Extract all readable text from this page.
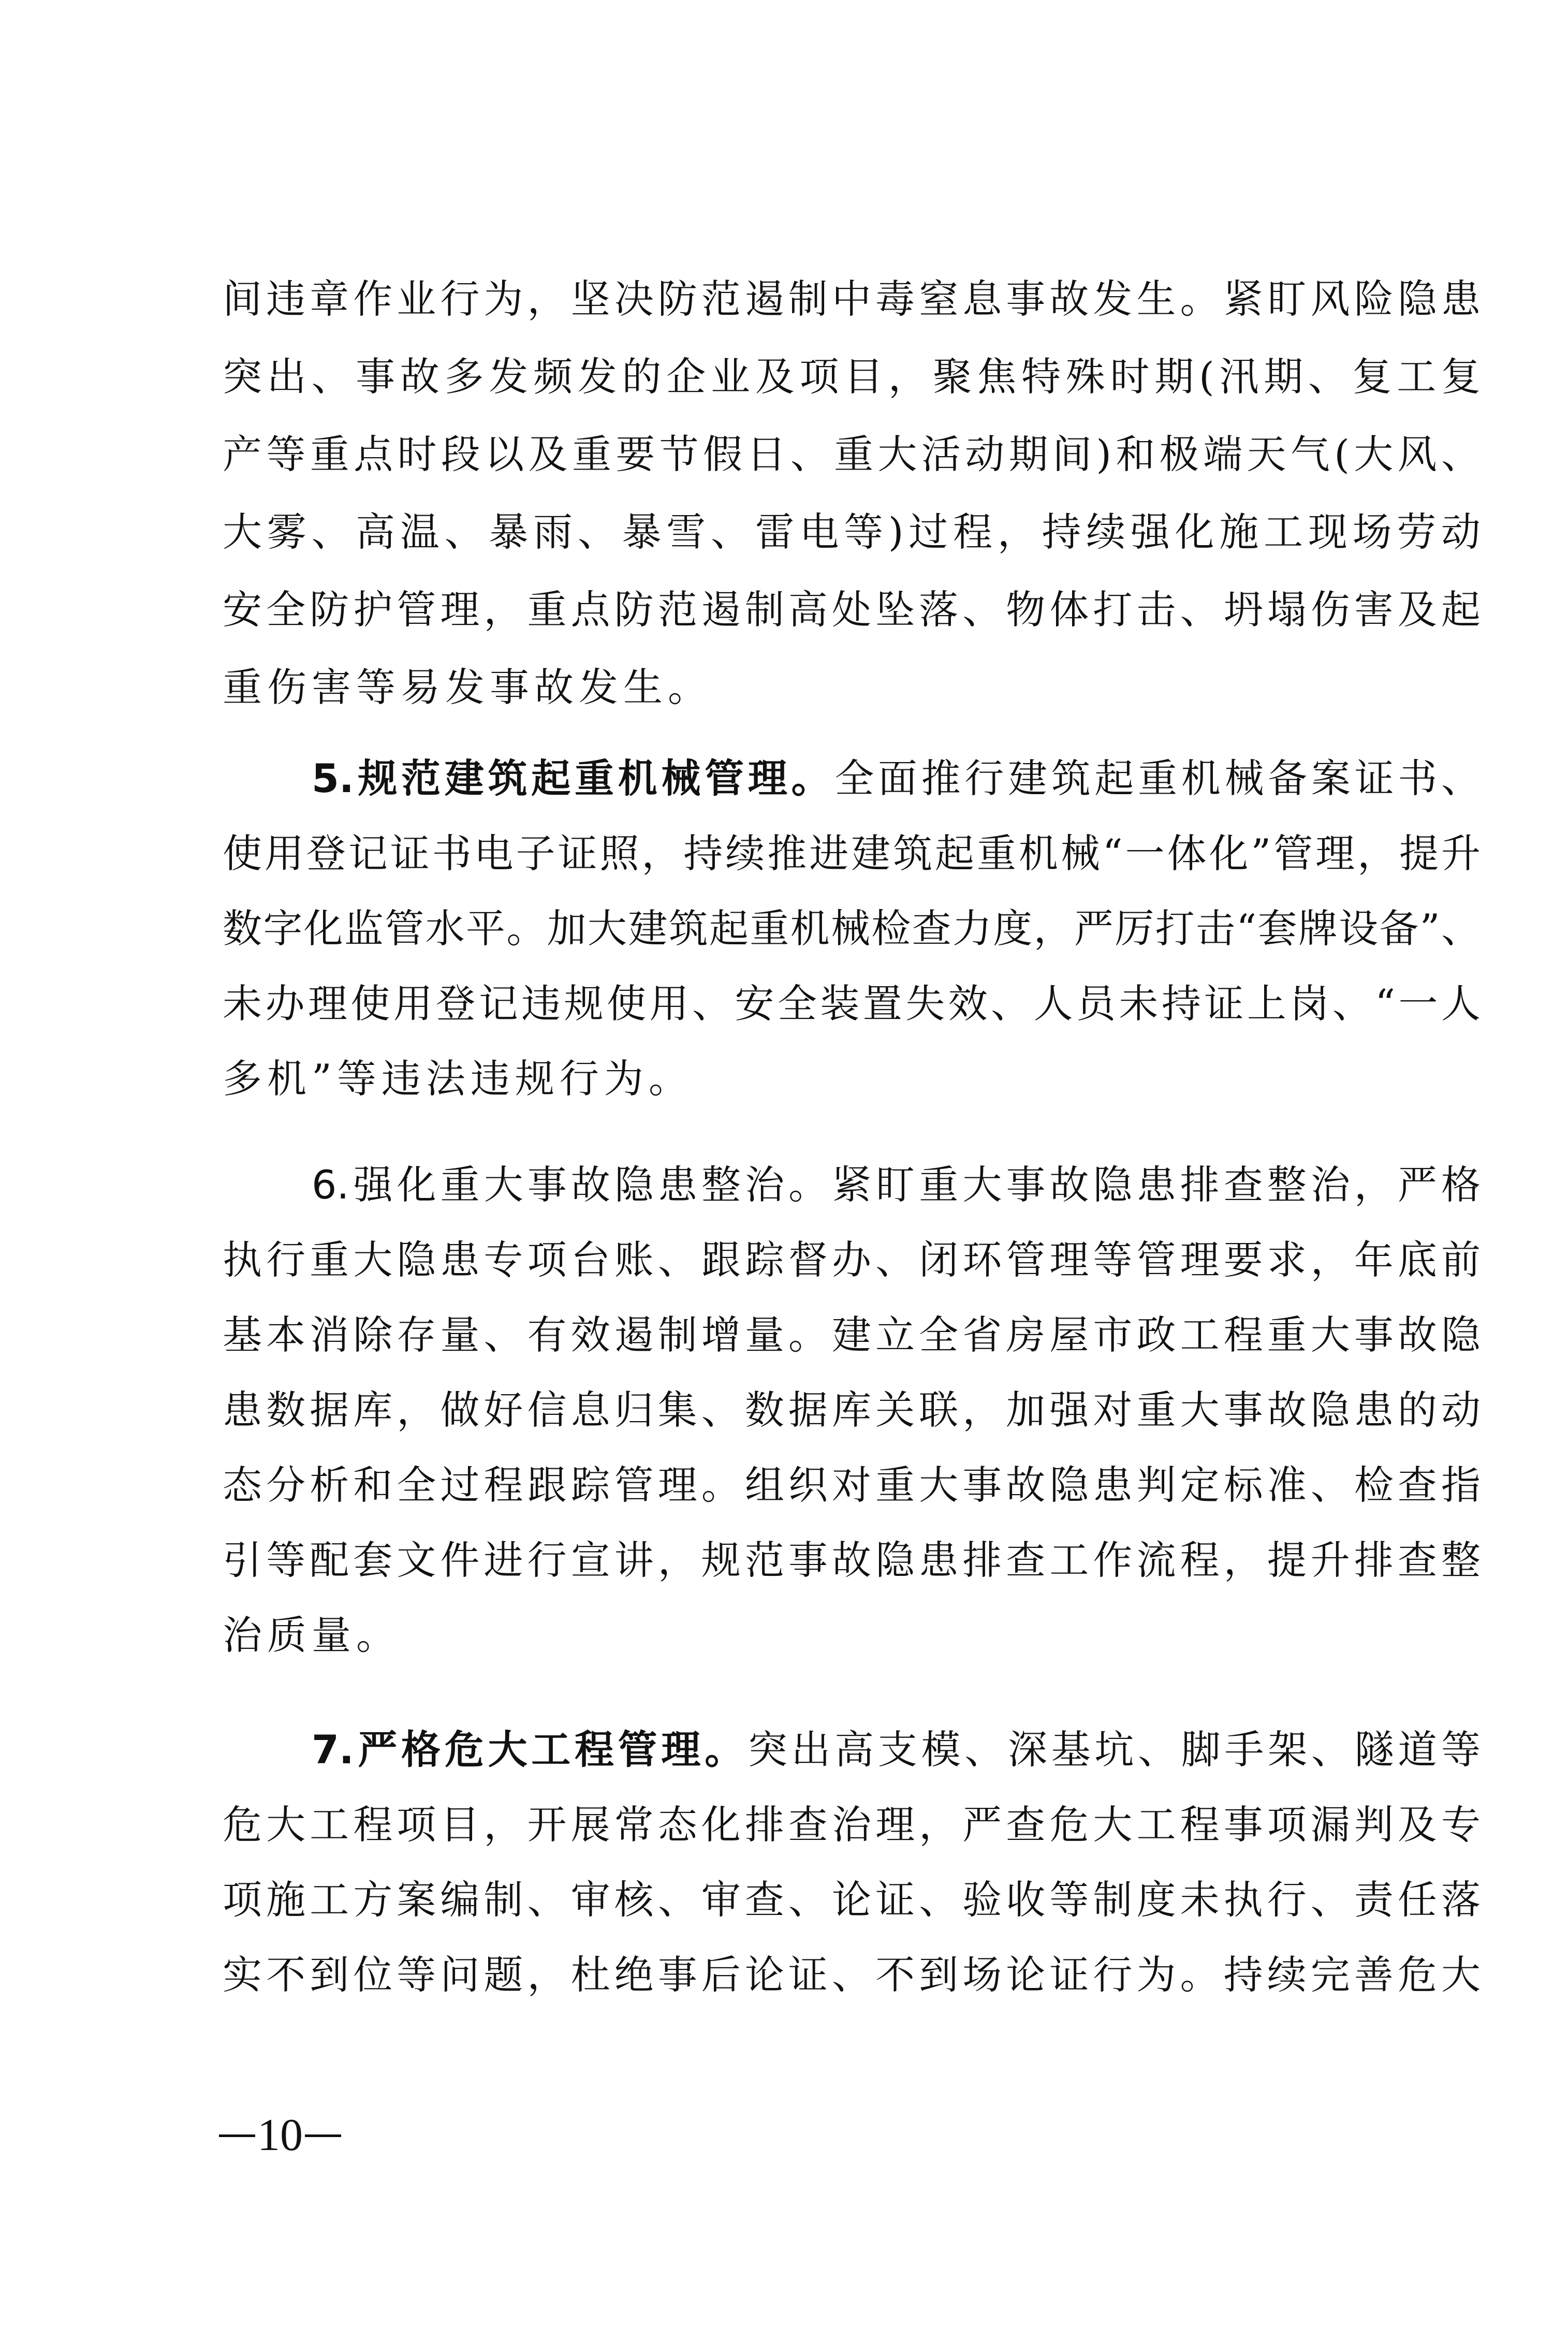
间违章作业行为，坚决防范遏制中毒窒息事故发生。紧盯风险隐患
突出、事故多发频发的企业及项目，聚焦特殊时期(汛期、复工复
产等重点时段以及重要节假日、重大活动期间)和极端天气(大风、
大雾、高温、暴雨、暴雪、雷电等)过程，持续强化施工现场劳动
安全防护管理，重点防范遏制高处坠落、物体打击、坍塌伤害及起
重伤害等易发事故发生。
5.规范建筑起重机械管理。全面推行建筑起重机械备案证书、
使用登记证书电子证照，持续推进建筑起重机械“一体化”管理，提升
数字化监管水平。加大建筑起重机械检查力度，严厉打击“套牌设备”、
未办理使用登记违规使用、安全装置失效、人员未持证上岗、“一人
多机”等违法违规行为。
6.强化重大事故隐患整治。紧盯重大事故隐患排查整治，严格
执行重大隐患专项台账、跟踪督办、闭环管理等管理要求，年底前
基本消除存量、有效遏制增量。建立全省房屋市政工程重大事故隐
患数据库，做好信息归集、数据库关联，加强对重大事故隐患的动
态分析和全过程跟踪管理。组织对重大事故隐患判定标准、检查指
引等配套文件进行宣讲，规范事故隐患排查工作流程，提升排查整
治质量。
7.严格危大工程管理。突出高支模、深基坑、脚手架、隧道等
危大工程项目，开展常态化排查治理，严查危大工程事项漏判及专
项施工方案编制、审核、审查、论证、验收等制度未执行、责任落
实不到位等问题，杜绝事后论证、不到场论证行为。持续完善危大
10
